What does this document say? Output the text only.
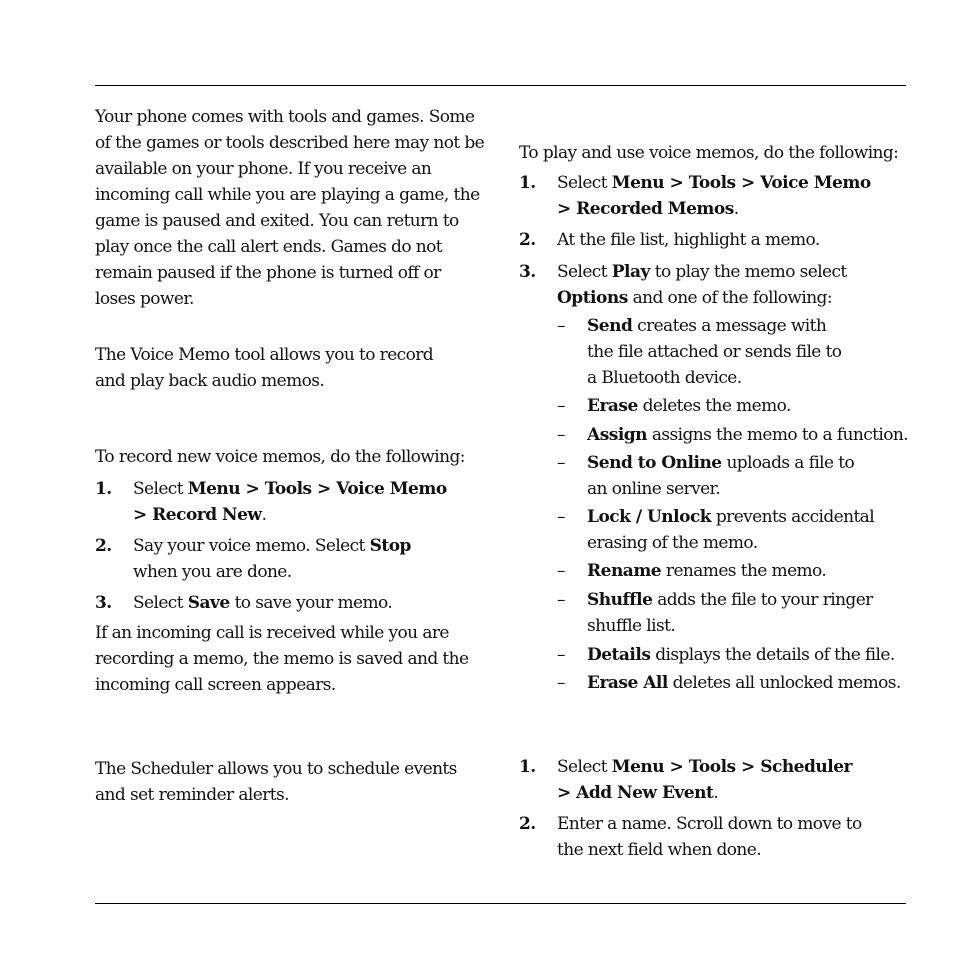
Your phone comes with tools and games. Some of the games or tools described here may not be available on your phone. If you receive an incoming call while you are playing a game, the game is paused and exited. You can return to play once the call alert ends. Games do not remain paused if the phone is turned off or loses power.

The Voice Memo tool allows you to record and play back audio memos.

To record new voice memos, do the following:

1. Select Menu > Tools > Voice Memo > Record New.
2. Say your voice memo. Select Stop when you are done.
3. Select Save to save your memo.

If an incoming call is received while you are recording a memo, the memo is saved and the incoming call screen appears.

The Scheduler allows you to schedule events and set reminder alerts.

To play and use voice memos, do the following:

1. Select Menu > Tools > Voice Memo > Recorded Memos.
2. At the file list, highlight a memo.
3. Select Play to play the memo select Options and one of the following:
– Send creates a message with the file attached or sends file to a Bluetooth device.
– Erase deletes the memo.
– Assign assigns the memo to a function.
– Send to Online uploads a file to an online server.
– Lock / Unlock prevents accidental erasing of the memo.
– Rename renames the memo.
– Shuffle adds the file to your ringer shuffle list.
– Details displays the details of the file.
– Erase All deletes all unlocked memos.
1. Select Menu > Tools > Scheduler > Add New Event.
2. Enter a name. Scroll down to move to the next field when done.
